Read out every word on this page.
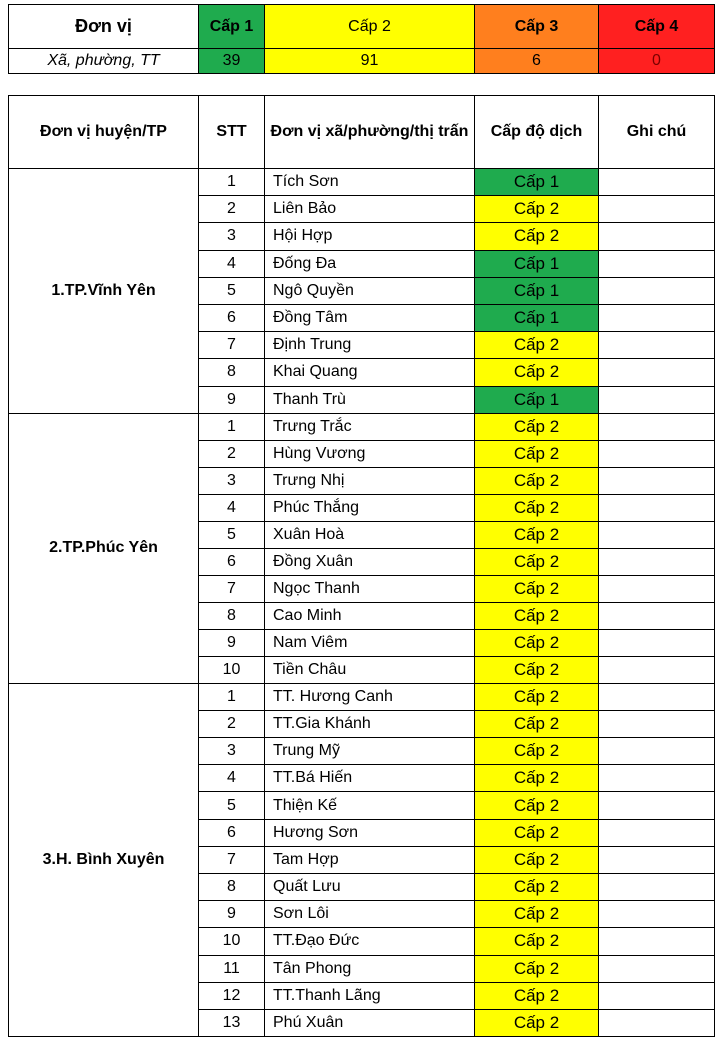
Đơn vị	Cấp 1	Cấp 2	Cấp 3	Cấp 4
Xã, phường, TT	39	91	6	0
Đơn vị huyện/TP	STT	Đơn vị xã/phường/thị trấn	Cấp độ dịch	Ghi chú
1.TP.Vĩnh Yên	1	Tích Sơn	Cấp 1	
	2	Liên Bảo	Cấp 2	
	3	Hội Hợp	Cấp 2	
	4	Đống Đa	Cấp 1	
	5	Ngô Quyền	Cấp 1	
	6	Đồng Tâm	Cấp 1	
	7	Định Trung	Cấp 2	
	8	Khai Quang	Cấp 2	
	9	Thanh Trù	Cấp 1	
2.TP.Phúc Yên	1	Trưng Trắc	Cấp 2	
	2	Hùng Vương	Cấp 2	
	3	Trưng Nhị	Cấp 2	
	4	Phúc Thắng	Cấp 2	
	5	Xuân Hoà	Cấp 2	
	6	Đồng Xuân	Cấp 2	
	7	Ngọc Thanh	Cấp 2	
	8	Cao Minh	Cấp 2	
	9	Nam Viêm	Cấp 2	
	10	Tiền Châu	Cấp 2	
3.H. Bình Xuyên	1	TT. Hương Canh	Cấp 2	
	2	TT.Gia Khánh	Cấp 2	
	3	Trung Mỹ	Cấp 2	
	4	TT.Bá Hiến	Cấp 2	
	5	Thiện Kế	Cấp 2	
	6	Hương Sơn	Cấp 2	
	7	Tam Hợp	Cấp 2	
	8	Quất Lưu	Cấp 2	
	9	Sơn Lôi	Cấp 2	
	10	TT.Đạo Đức	Cấp 2	
	11	Tân Phong	Cấp 2	
	12	TT.Thanh Lãng	Cấp 2	
	13	Phú Xuân	Cấp 2	
